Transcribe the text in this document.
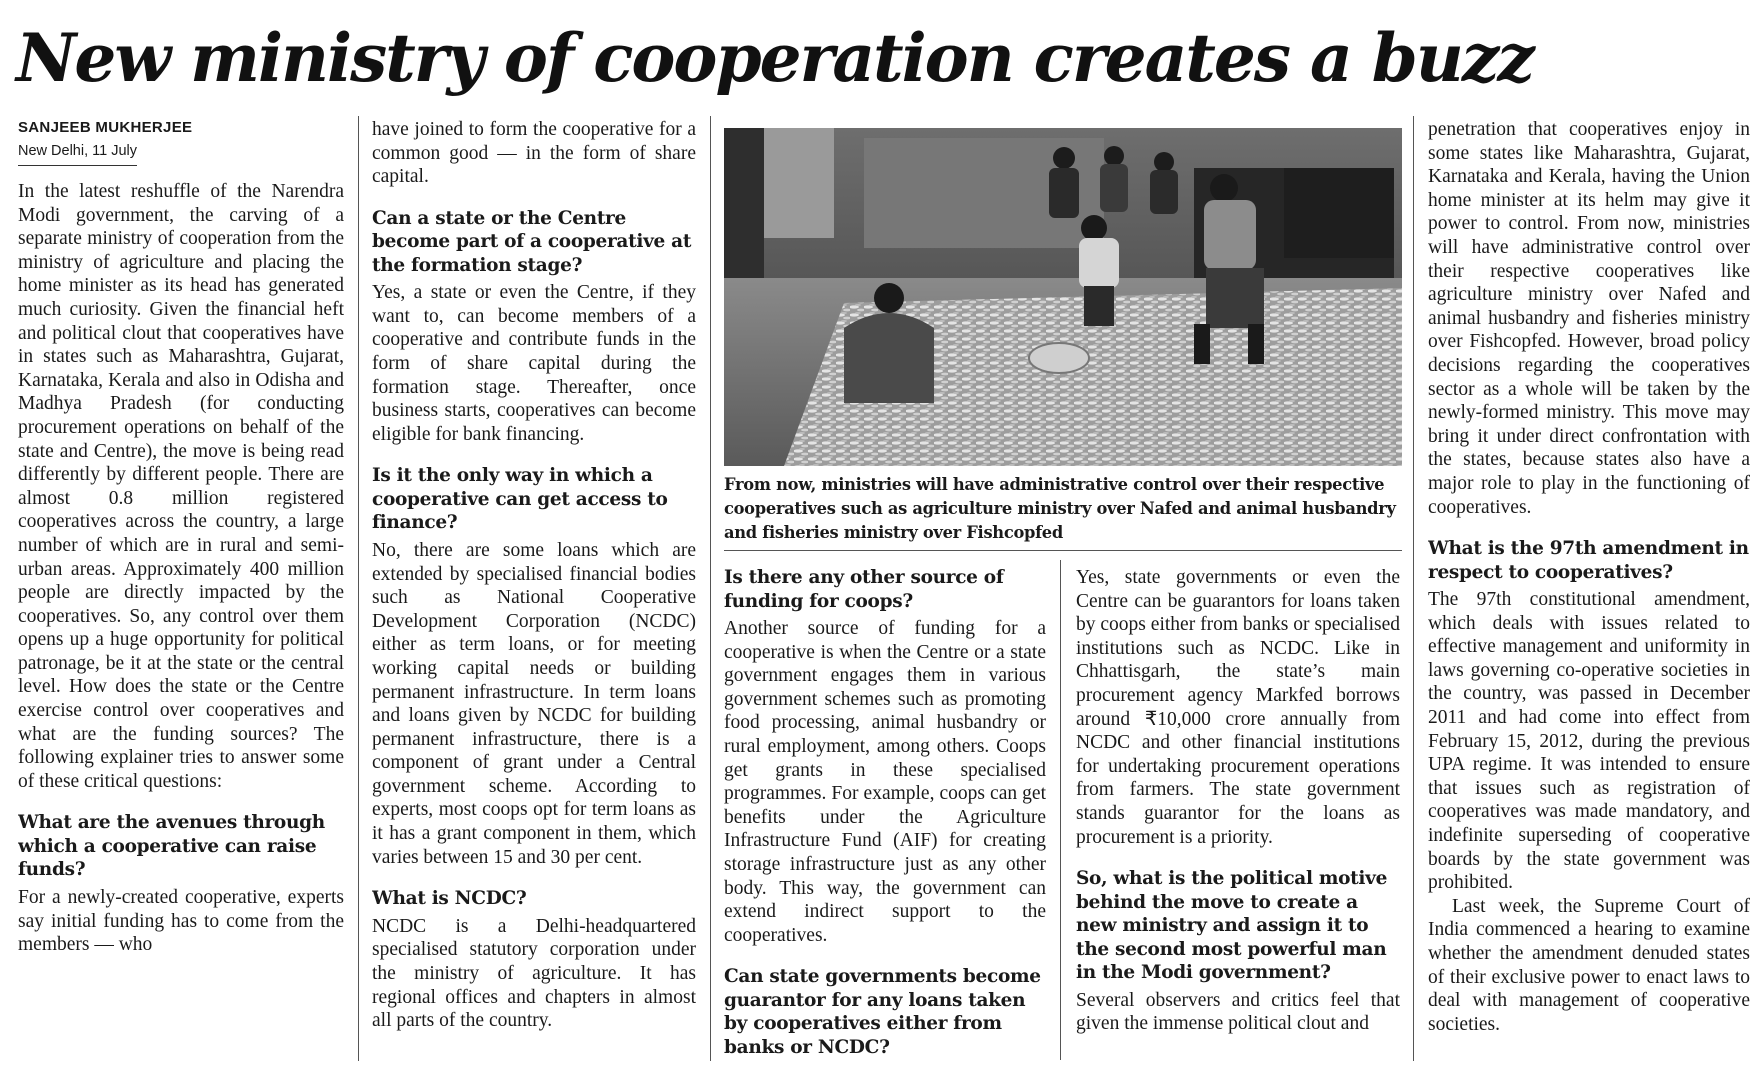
New ministry of cooperation creates a buzz
SANJEEB MUKHERJEE
New Delhi, 11 July

In the latest reshuffle of the Narendra Modi government, the carving of a separate ministry of cooperation from the ministry of agriculture and placing the home minister as its head has generated much curiosity. Given the financial heft and political clout that cooperatives have in states such as Maharashtra, Gujarat, Karnataka, Kerala and also in Odisha and Madhya Pradesh (for conducting procurement operations on behalf of the state and Centre), the move is being read differently by different people. There are almost 0.8 million registered cooperatives across the country, a large number of which are in rural and semi-urban areas. Approximately 400 million people are directly impacted by the cooperatives. So, any control over them opens up a huge opportunity for political patronage, be it at the state or the central level. How does the state or the Centre exercise control over cooperatives and what are the funding sources? The following explainer tries to answer some of these critical questions:

What are the avenues through which a cooperative can raise funds?

For a newly-created cooperative, experts say initial funding has to come from the members — who

have joined to form the cooperative for a common good — in the form of share capital.

Can a state or the Centre become part of a cooperative at the formation stage?

Yes, a state or even the Centre, if they want to, can become members of a cooperative and contribute funds in the form of share capital during the formation stage. Thereafter, once business starts, cooperatives can become eligible for bank financing.

Is it the only way in which a cooperative can get access to finance?

No, there are some loans which are extended by specialised financial bodies such as National Cooperative Development Corporation (NCDC) either as term loans, or for meeting working capital needs or building permanent infrastructure. In term loans and loans given by NCDC for building permanent infrastructure, there is a component of grant under a Central government scheme. According to experts, most coops opt for term loans as it has a grant component in them, which varies between 15 and 30 per cent.

What is NCDC?

NCDC is a Delhi-headquartered specialised statutory corporation under the ministry of agriculture. It has regional offices and chapters in almost all parts of the country.

From now, ministries will have administrative control over their respective cooperatives such as agriculture ministry over Nafed and animal husbandry and fisheries ministry over Fishcopfed
Is there any other source of funding for coops?

Another source of funding for a cooperative is when the Centre or a state government engages them in various government schemes such as promoting food processing, animal husbandry or rural employment, among others. Coops get grants in these specialised programmes. For example, coops can get benefits under the Agriculture Infrastructure Fund (AIF) for creating storage infrastructure just as any other body. This way, the government can extend indirect support to the cooperatives.

Can state governments become guarantor for any loans taken by cooperatives either from banks or NCDC?

Yes, state governments or even the Centre can be guarantors for loans taken by coops either from banks or specialised institutions such as NCDC. Like in Chhattisgarh, the state’s main procurement agency Markfed borrows around ₹10,000 crore annually from NCDC and other financial institutions for undertaking procurement operations from farmers. The state government stands guarantor for the loans as procurement is a priority.

So, what is the political motive behind the move to create a new ministry and assign it to the second most powerful man in the Modi government?

Several observers and critics feel that given the immense political clout and

penetration that cooperatives enjoy in some states like Maharashtra, Gujarat, Karnataka and Kerala, having the Union home minister at its helm may give it power to control. From now, ministries will have administrative control over their respective cooperatives like agriculture ministry over Nafed and animal husbandry and fisheries ministry over Fishcopfed. However, broad policy decisions regarding the cooperatives sector as a whole will be taken by the newly-formed ministry. This move may bring it under direct confrontation with the states, because states also have a major role to play in the functioning of cooperatives.

What is the 97th amendment in respect to cooperatives?

The 97th constitutional amendment, which deals with issues related to effective management and uniformity in laws governing co-operative societies in the country, was passed in December 2011 and had come into effect from February 15, 2012, during the previous UPA regime. It was intended to ensure that issues such as registration of cooperatives was made mandatory, and indefinite superseding of cooperative boards by the state government was prohibited.

Last week, the Supreme Court of India commenced a hearing to examine whether the amendment denuded states of their exclusive power to enact laws to deal with management of cooperative societies.
